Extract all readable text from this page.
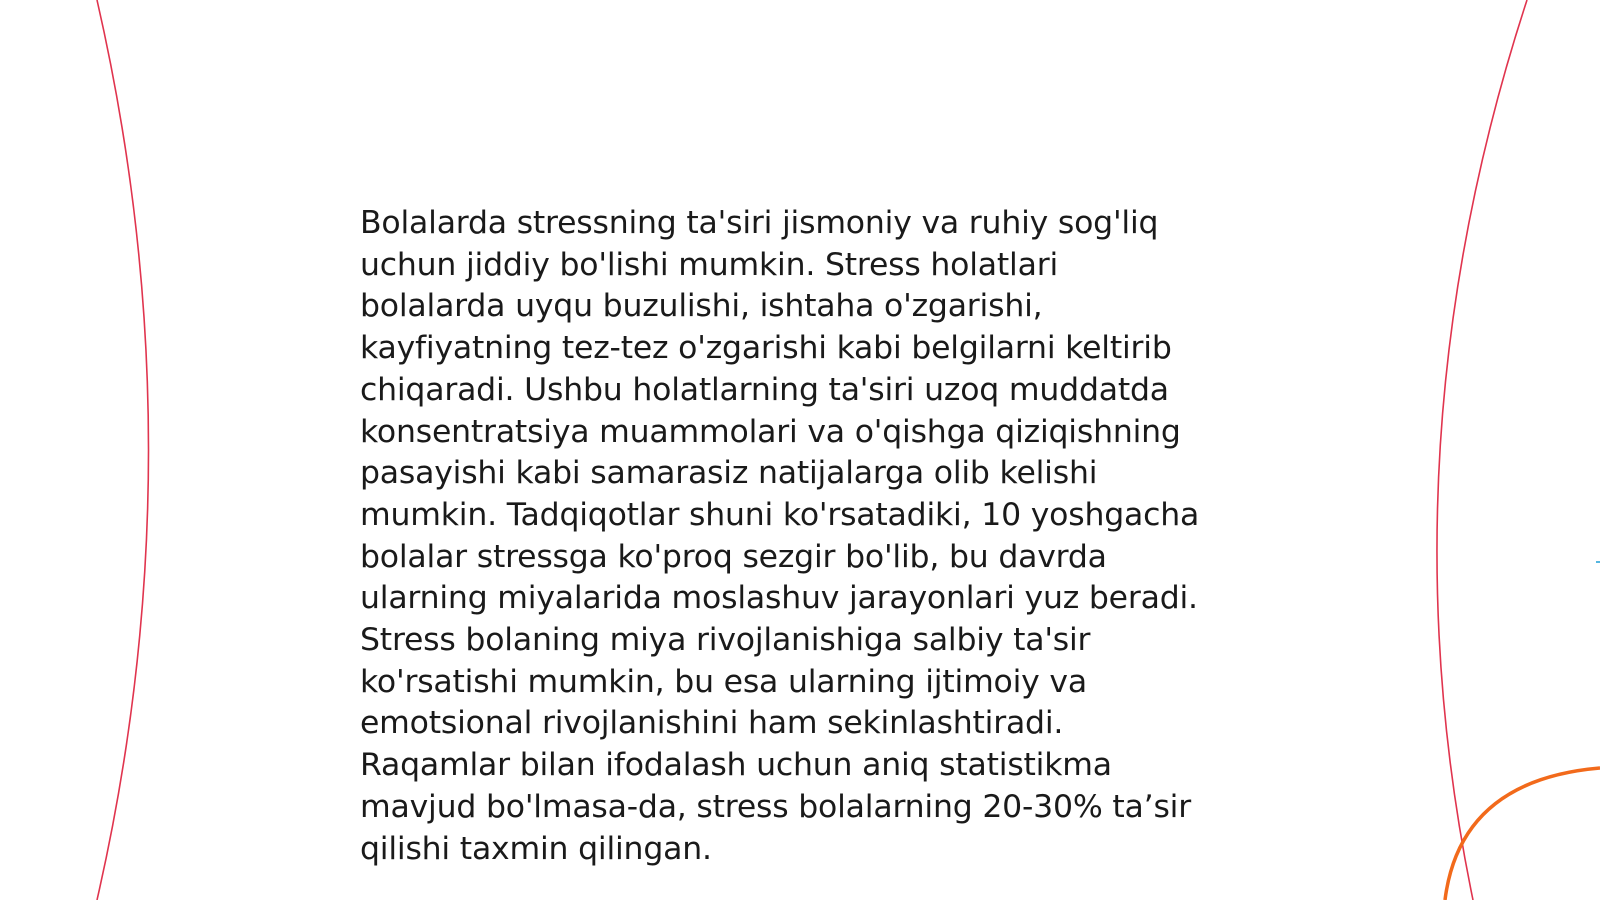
Bolalarda stressning ta'siri jismoniy va ruhiy sog'liq
uchun jiddiy bo'lishi mumkin. Stress holatlari
bolalarda uyqu buzulishi, ishtaha o'zgarishi,
kayfiyatning tez-tez o'zgarishi kabi belgilarni keltirib
chiqaradi. Ushbu holatlarning ta'siri uzoq muddatda
konsentratsiya muammolari va o'qishga qiziqishning
pasayishi kabi samarasiz natijalarga olib kelishi
mumkin. Tadqiqotlar shuni ko'rsatadiki, 10 yoshgacha
bolalar stressga ko'proq sezgir bo'lib, bu davrda
ularning miyalarida moslashuv jarayonlari yuz beradi.
Stress bolaning miya rivojlanishiga salbiy ta'sir
ko'rsatishi mumkin, bu esa ularning ijtimoiy va
emotsional rivojlanishini ham sekinlashtiradi.
Raqamlar bilan ifodalash uchun aniq statistikma
mavjud bo'lmasa-da, stress bolalarning 20-30% ta’sir
qilishi taxmin qilingan.
